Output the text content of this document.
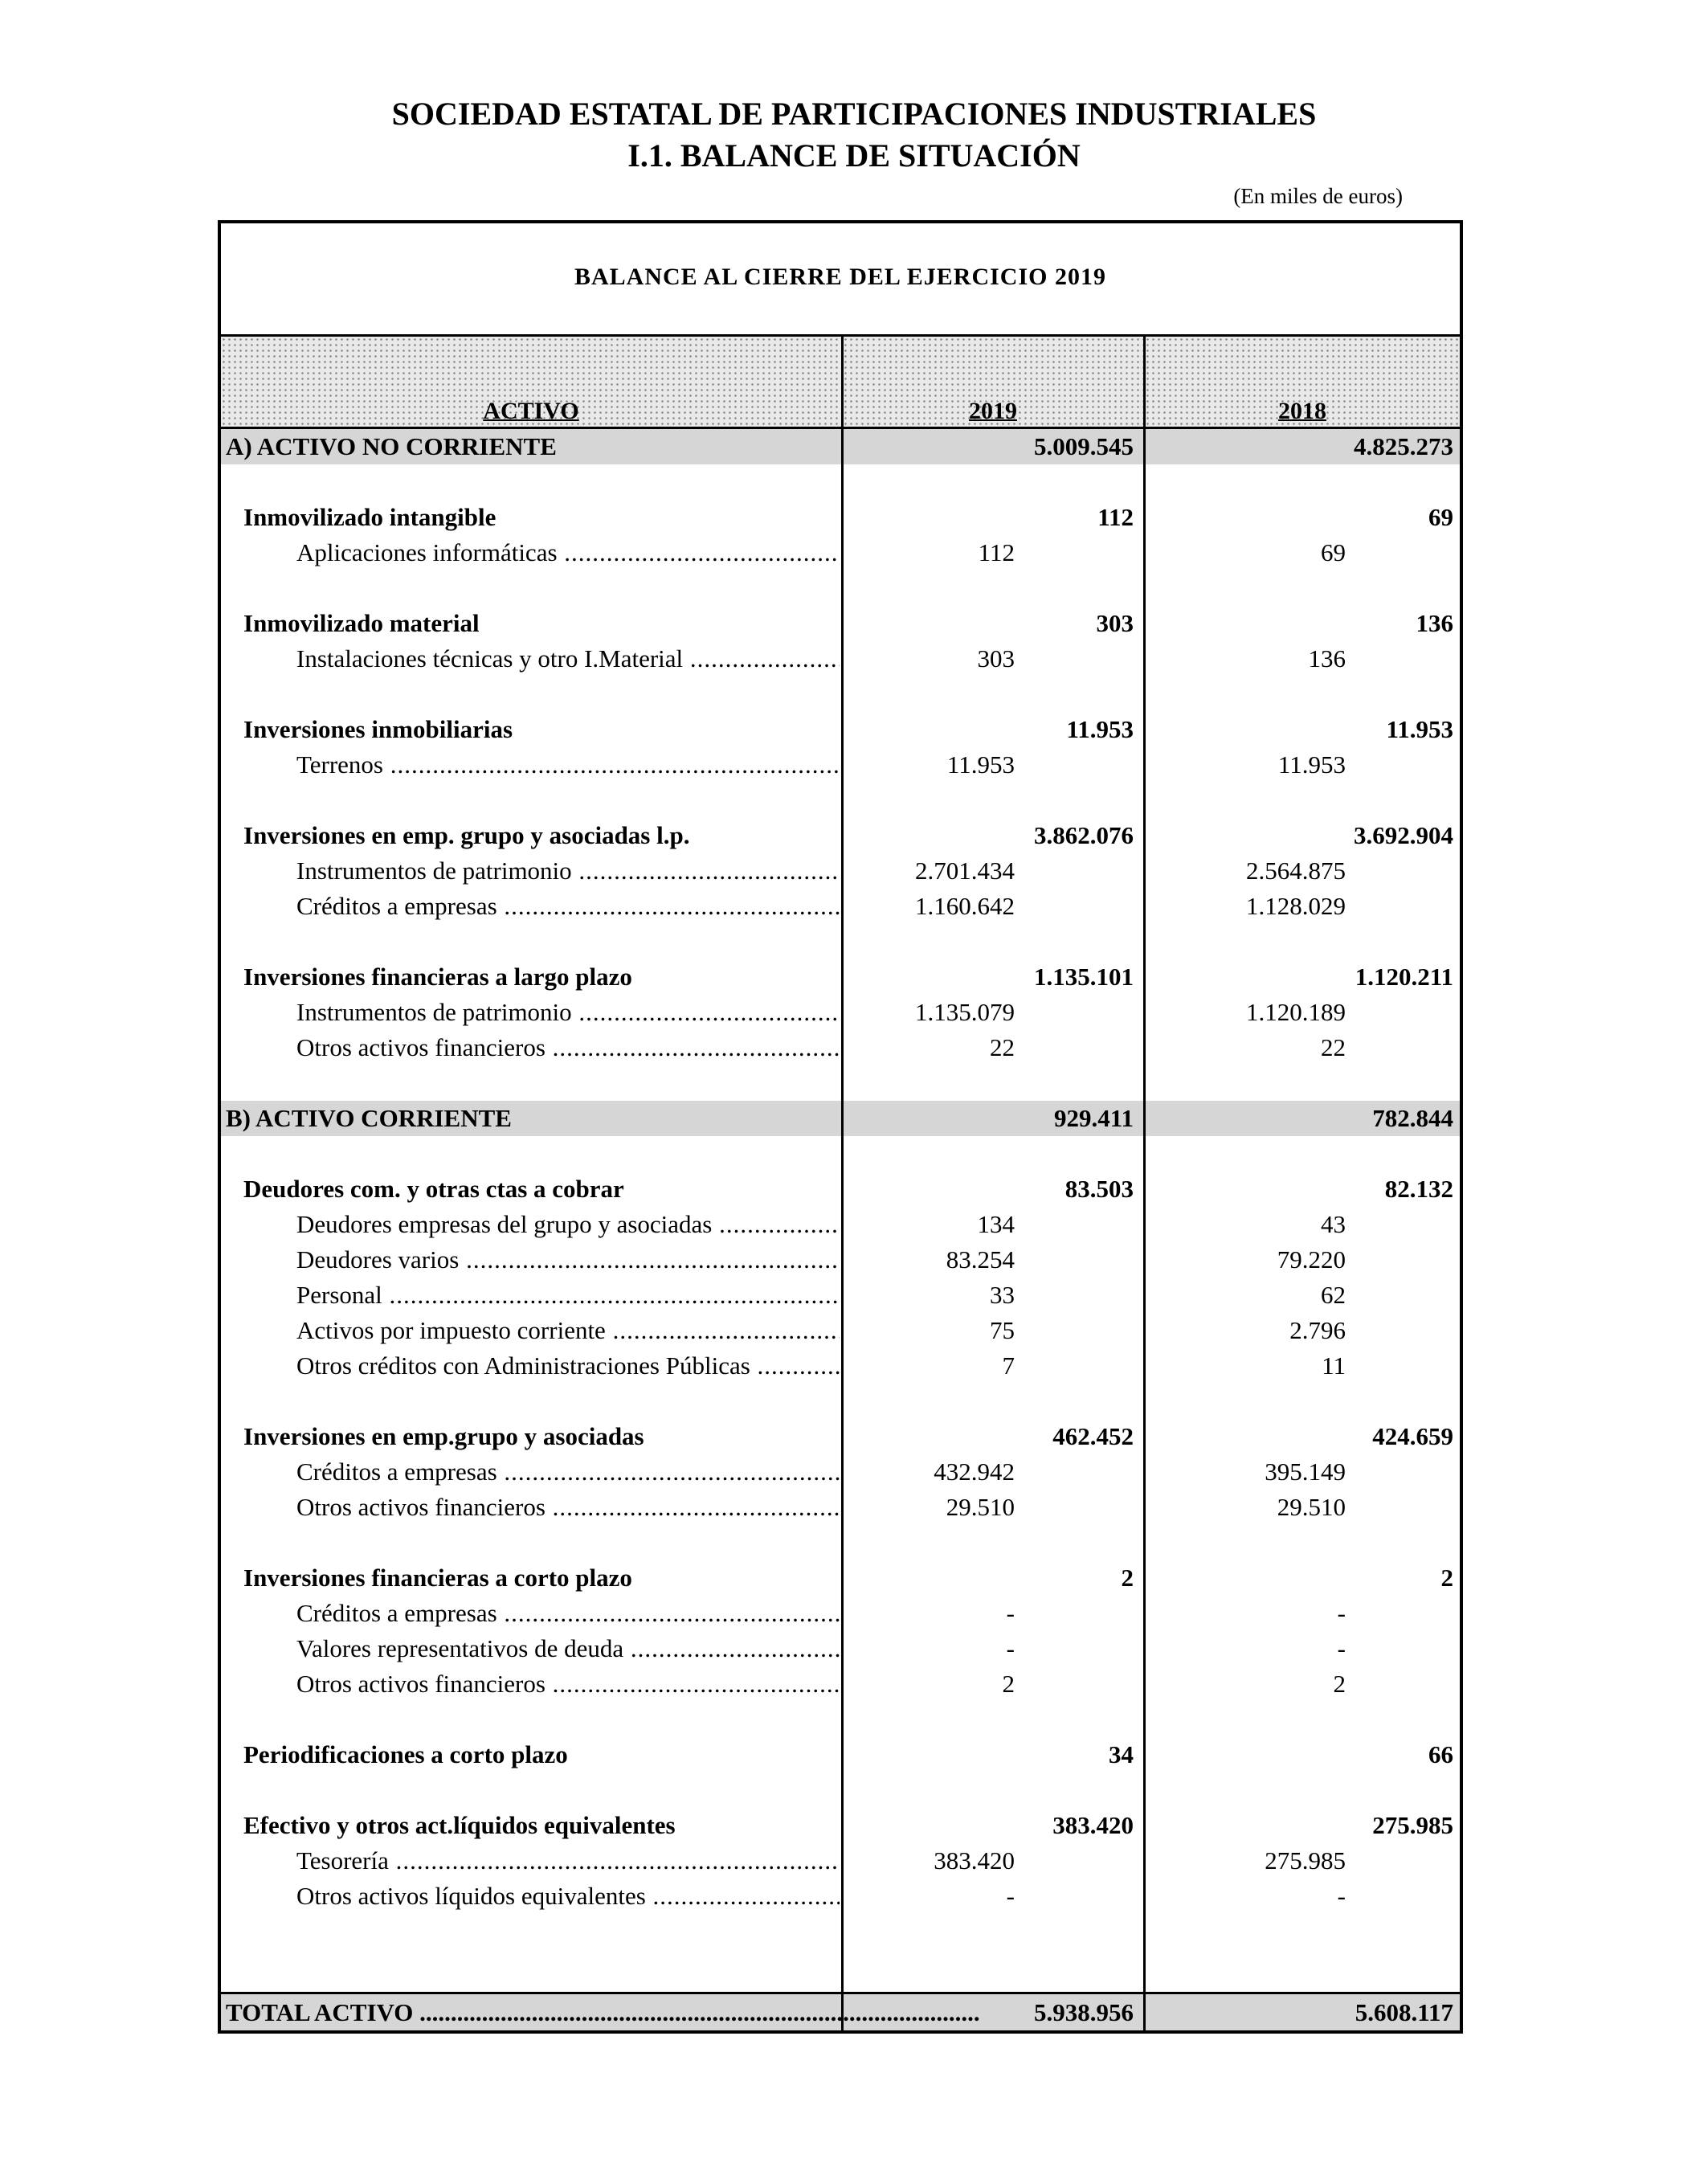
SOCIEDAD ESTATAL DE PARTICIPACIONES INDUSTRIALES
I.1. BALANCE DE SITUACIÓN
(En miles de euros)
BALANCE AL CIERRE DEL EJERCICIO 2019
ACTIVO	2019	2018
A) ACTIVO NO CORRIENTE	5.009.545	4.825.273
Inmovilizado intangible	112	69
Aplicaciones informáticas .....	112	69
Inmovilizado material	303	136
Instalaciones técnicas y otro I.Material .....	303	136
Inversiones inmobiliarias	11.953	11.953
Terrenos .....	11.953	11.953
Inversiones en emp. grupo y asociadas l.p.	3.862.076	3.692.904
Instrumentos de patrimonio .....	2.701.434	2.564.875
Créditos a empresas .....	1.160.642	1.128.029
Inversiones financieras a largo plazo	1.135.101	1.120.211
Instrumentos de patrimonio .....	1.135.079	1.120.189
Otros activos financieros .....	22	22
B) ACTIVO CORRIENTE	929.411	782.844
Deudores com. y otras ctas a cobrar	83.503	82.132
Deudores empresas del grupo y asociadas .....	134	43
Deudores varios .....	83.254	79.220
Personal .....	33	62
Activos por impuesto corriente .....	75	2.796
Otros créditos con Administraciones Públicas .....	7	11
Inversiones en emp.grupo y asociadas	462.452	424.659
Créditos a empresas .....	432.942	395.149
Otros activos financieros .....	29.510	29.510
Inversiones financieras a corto plazo	2	2
Créditos a empresas .....	-	-
Valores representativos de deuda .....	-	-
Otros activos financieros .....	2	2
Periodificaciones a corto plazo	34	66
Efectivo y otros act.líquidos equivalentes	383.420	275.985
Tesorería .....	383.420	275.985
Otros activos líquidos equivalentes .....	-	-
TOTAL ACTIVO .....	5.938.956	5.608.117
